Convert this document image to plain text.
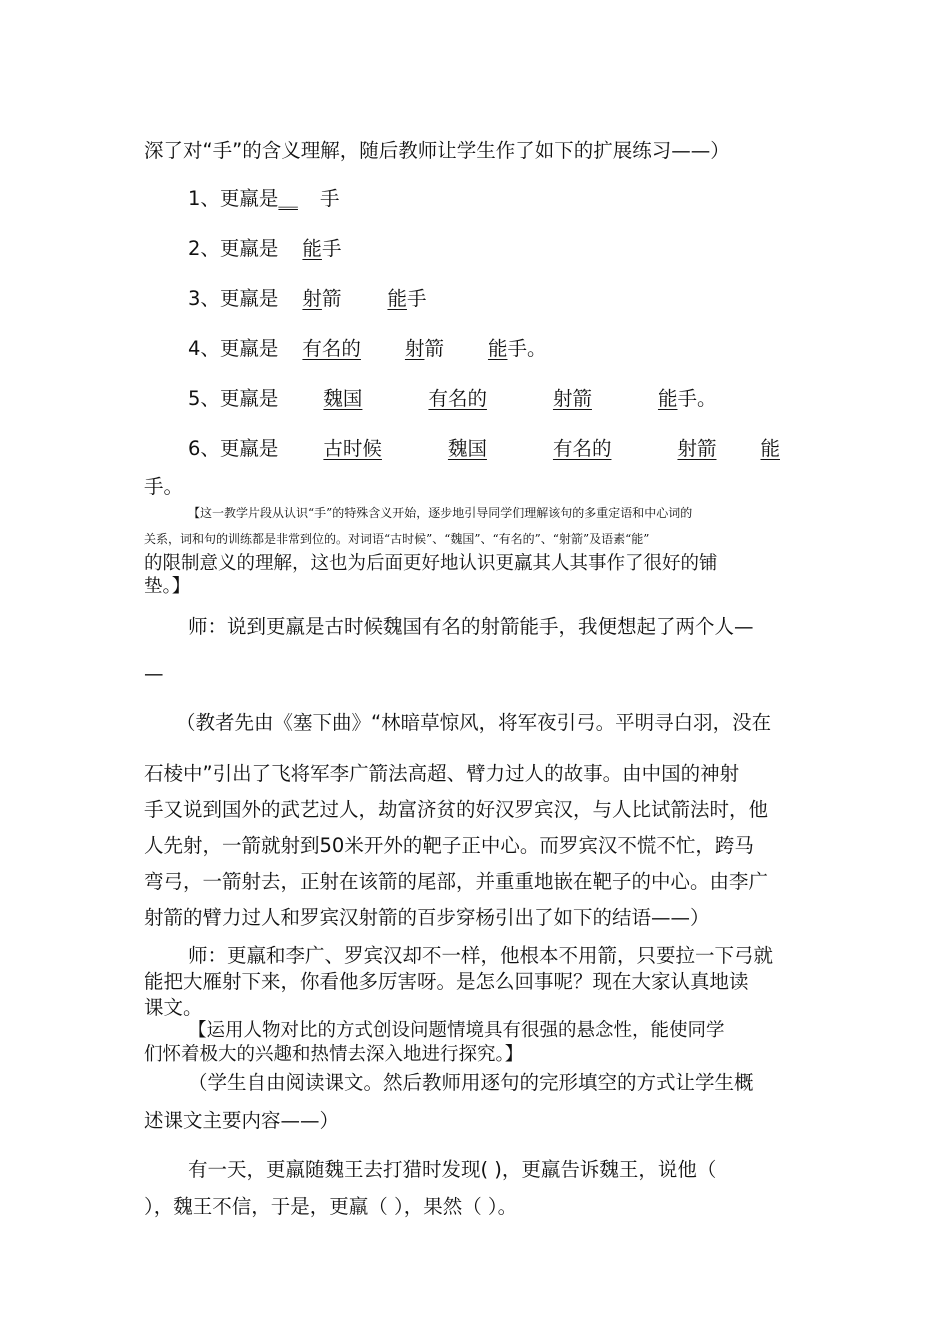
深了对“手”的含义理解，随后教师让学生作了如下的扩展练习——）
1、更羸是＿ 手
2、更羸是 能手
3、更羸是 射箭 能手
4、更羸是 有名的 射箭 能手。
5、更羸是 魏国	有名的	射箭	能手。
6、更羸是 古时候	魏国	有名的	射箭 能
手。
【这一教学片段从认识“手”的特殊含义开始，逐步地引导同学们理解该句的多重定语和中心词的
关系，词和句的训练都是非常到位的。对词语“古时候”、“魏国”、“有名的”、“射箭”及语素“能”
的限制意义的理解，这也为后面更好地认识更羸其人其事作了很好的铺
垫。】
师：说到更羸是古时候魏国有名的射箭能手，我便想起了两个人—
—
（教者先由《塞下曲》“林暗草惊风，将军夜引弓。平明寻白羽，没在
石棱中”引出了飞将军李广箭法高超、臂力过人的故事。由中国的神射
手又说到国外的武艺过人，劫富济贫的好汉罗宾汉，与人比试箭法时，他
人先射，一箭就射到50米开外的靶子正中心。而罗宾汉不慌不忙，跨马
弯弓，一箭射去，正射在该箭的尾部，并重重地嵌在靶子的中心。由李广
射箭的臂力过人和罗宾汉射箭的百步穿杨引出了如下的结语——）
师：更羸和李广、罗宾汉却不一样，他根本不用箭，只要拉一下弓就
能把大雁射下来，你看他多厉害呀。是怎么回事呢？现在大家认真地读
课文。
【运用人物对比的方式创设问题情境具有很强的悬念性，能使同学
们怀着极大的兴趣和热情去深入地进行探究。】
（学生自由阅读课文。然后教师用逐句的完形填空的方式让学生概
述课文主要内容——）
有一天，更羸随魏王去打猎时发现( )，更羸告诉魏王，说他（
），魏王不信，于是，更羸（ ），果然（ ）。
